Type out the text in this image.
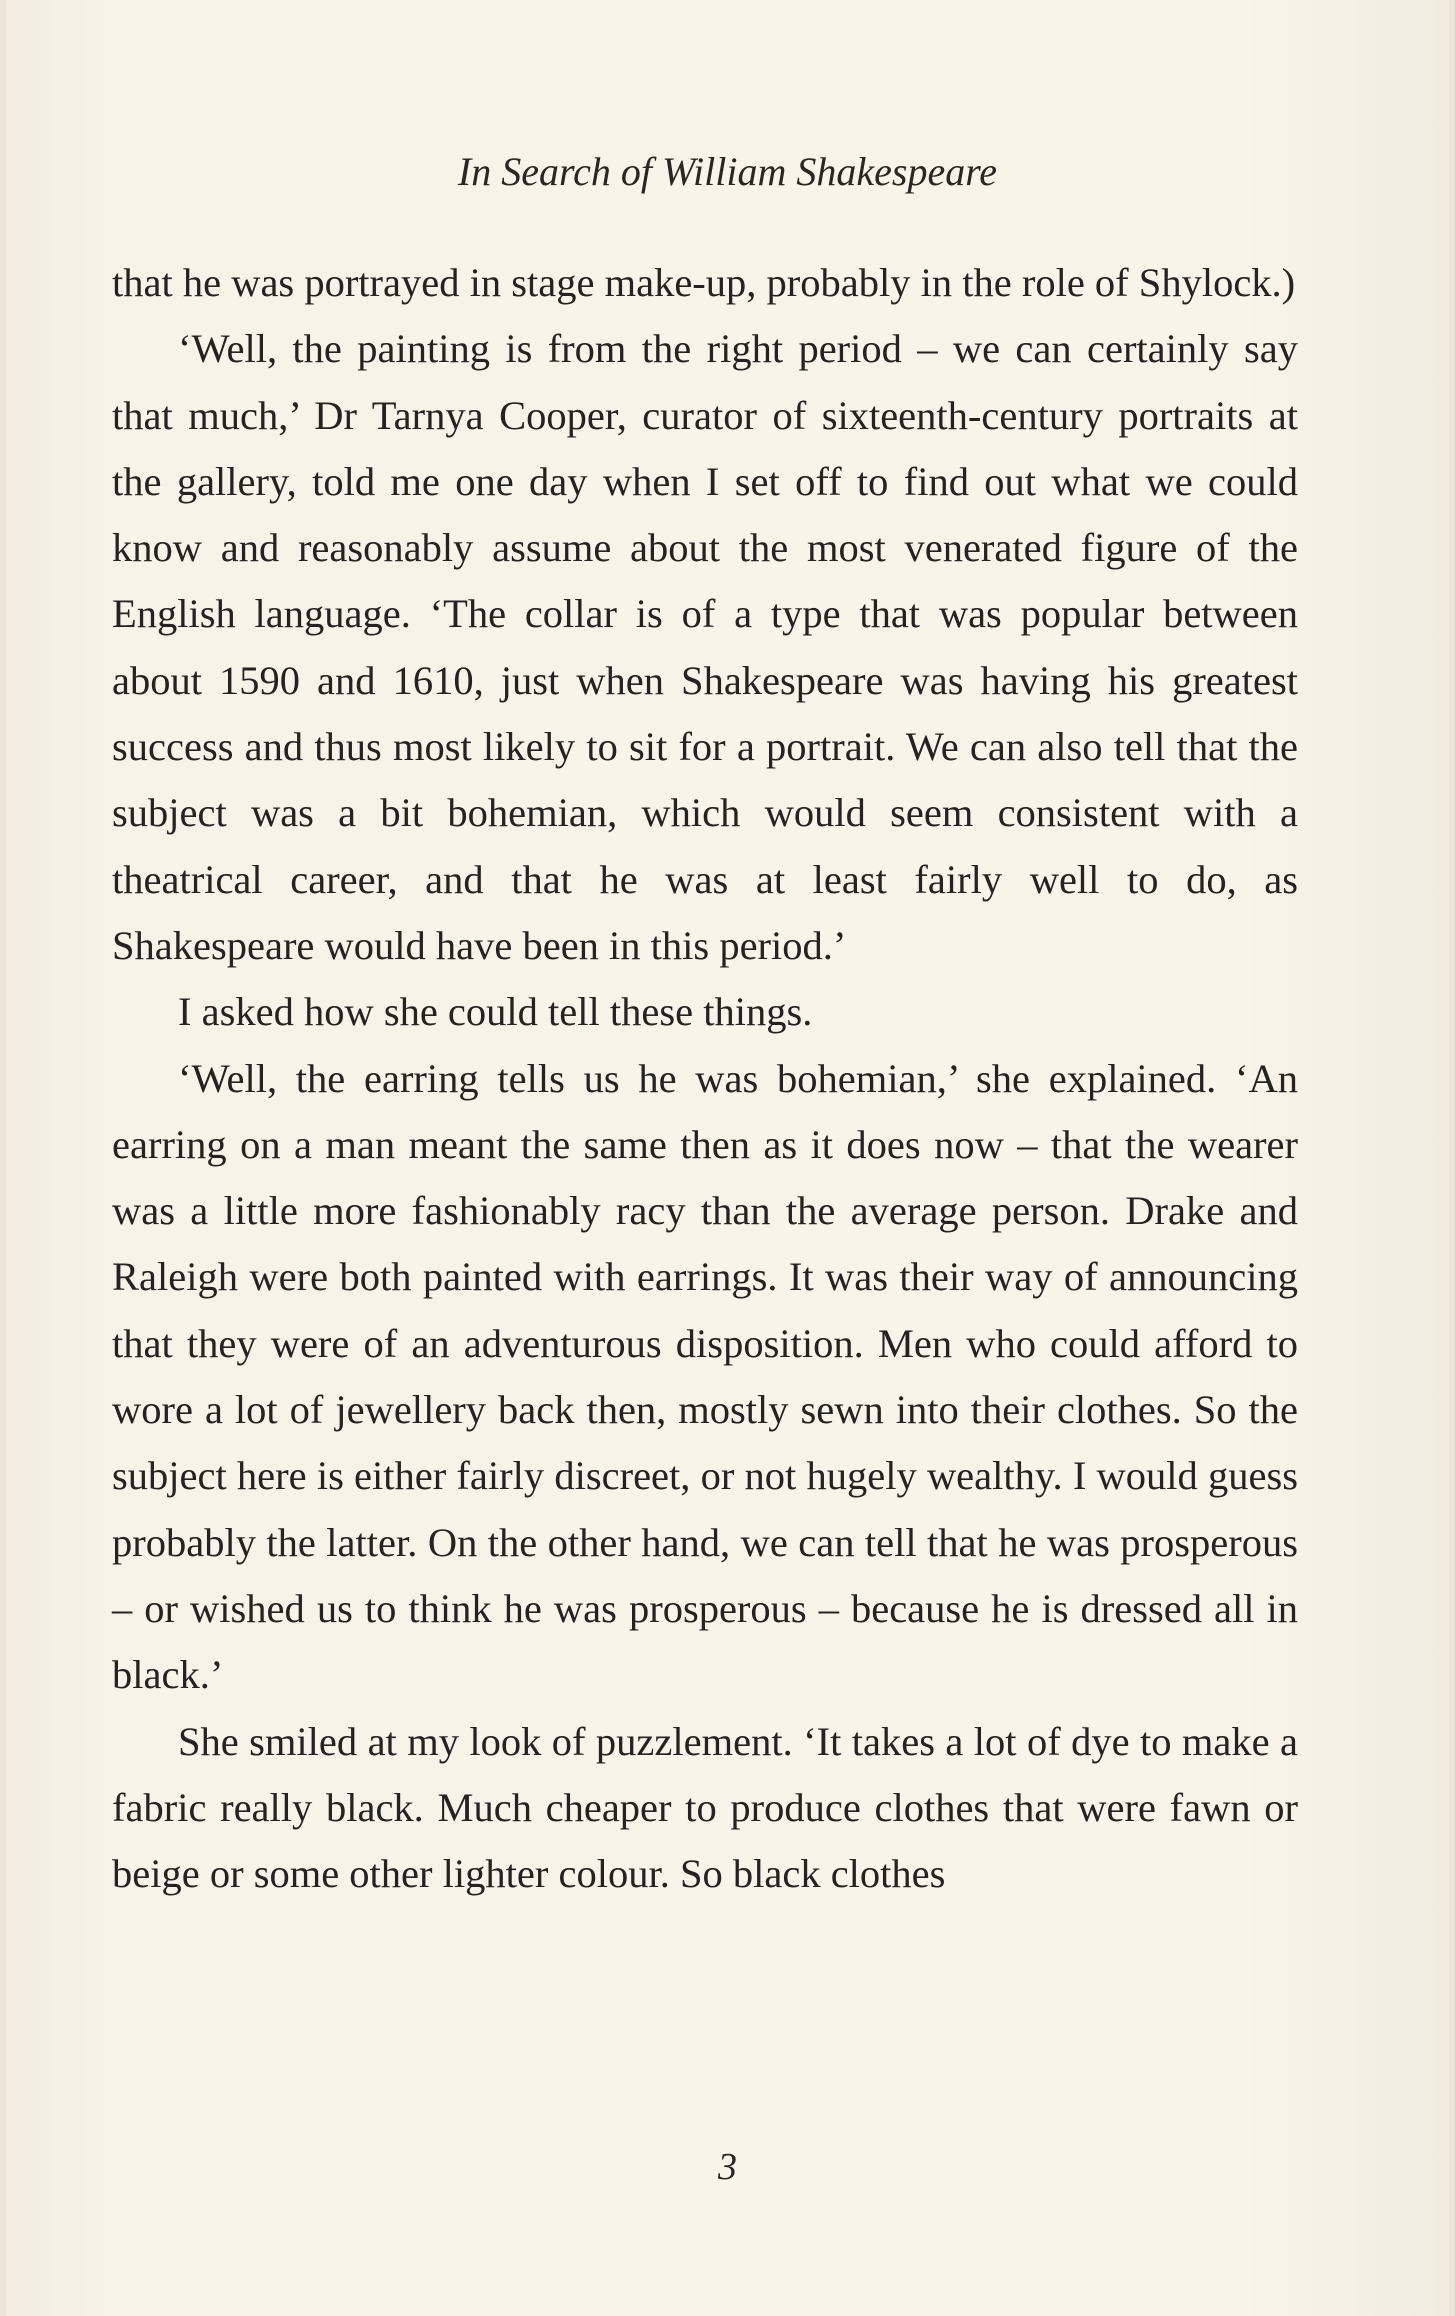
In Search of William Shakespeare

that he was portrayed in stage make-up, probably in the role of Shylock.)

‘Well, the painting is from the right period – we can certainly say that much,’ Dr Tarnya Cooper, curator of sixteenth-century portraits at the gallery, told me one day when I set off to find out what we could know and reasonably assume about the most venerated figure of the English language. ‘The collar is of a type that was popular between about 1590 and 1610, just when Shakespeare was having his greatest success and thus most likely to sit for a portrait. We can also tell that the subject was a bit bohemian, which would seem consistent with a theatrical career, and that he was at least fairly well to do, as Shakespeare would have been in this period.’

I asked how she could tell these things.

‘Well, the earring tells us he was bohemian,’ she explained. ‘An earring on a man meant the same then as it does now – that the wearer was a little more fashionably racy than the average person. Drake and Raleigh were both painted with earrings. It was their way of announcing that they were of an adventurous disposition. Men who could afford to wore a lot of jewellery back then, mostly sewn into their clothes. So the subject here is either fairly discreet, or not hugely wealthy. I would guess probably the latter. On the other hand, we can tell that he was prosperous – or wished us to think he was prosperous – because he is dressed all in black.’

She smiled at my look of puzzlement. ‘It takes a lot of dye to make a fabric really black. Much cheaper to produce clothes that were fawn or beige or some other lighter colour. So black clothes

3
